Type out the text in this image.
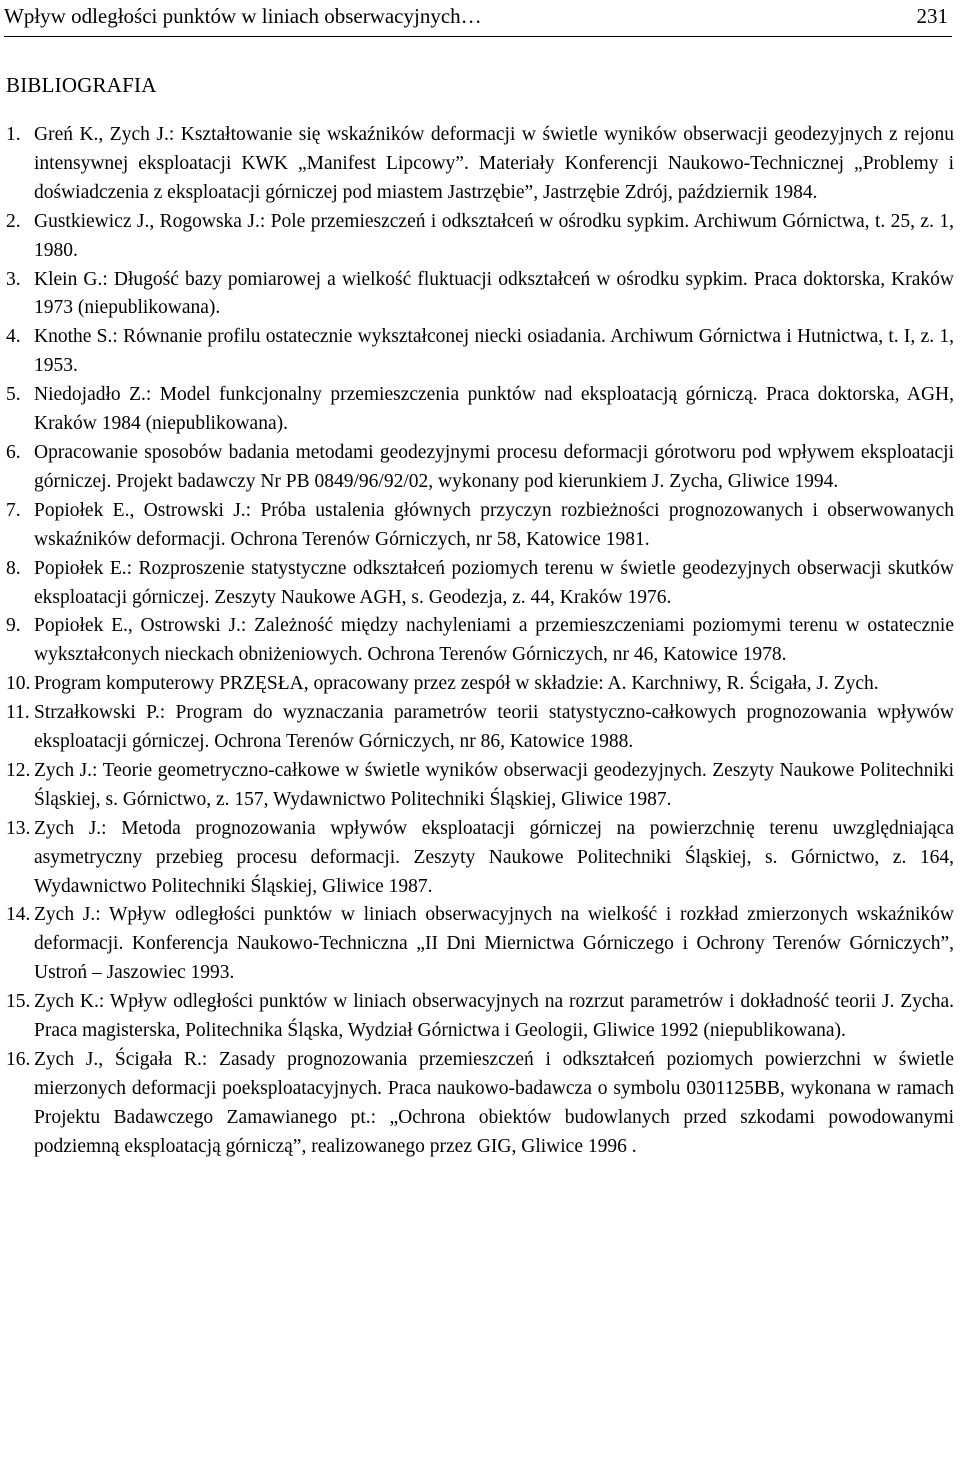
Wpływ odległości punktów w liniach obserwacyjnych…	231
BIBLIOGRAFIA
1. Greń K., Zych J.: Kształtowanie się wskaźników deformacji w świetle wyników obserwacji geodezyjnych z rejonu intensywnej eksploatacji KWK „Manifest Lipcowy”. Materiały Konferencji Naukowo-Technicznej „Problemy i doświadczenia z eksploatacji górniczej pod miastem Jastrzębie”, Jastrzębie Zdrój, październik 1984.
2. Gustkiewicz J., Rogowska J.: Pole przemieszczeń i odkształceń w ośrodku sypkim. Archiwum Górnictwa, t. 25, z. 1, 1980.
3. Klein G.: Długość bazy pomiarowej a wielkość fluktuacji odkształceń w ośrodku sypkim. Praca doktorska, Kraków 1973 (niepublikowana).
4. Knothe S.: Równanie profilu ostatecznie wykształconej niecki osiadania. Archiwum Górnictwa i Hutnictwa, t. I, z. 1, 1953.
5. Niedojadło Z.: Model funkcjonalny przemieszczenia punktów nad eksploatacją górniczą. Praca doktorska, AGH, Kraków 1984 (niepublikowana).
6. Opracowanie sposobów badania metodami geodezyjnymi procesu deformacji górotworu pod wpływem eksploatacji górniczej. Projekt badawczy Nr PB 0849/96/92/02, wykonany pod kierunkiem J. Zycha, Gliwice 1994.
7. Popiołek E., Ostrowski J.: Próba ustalenia głównych przyczyn rozbieżności prognozowanych i obserwowanych wskaźników deformacji. Ochrona Terenów Górniczych, nr 58, Katowice 1981.
8. Popiołek E.: Rozproszenie statystyczne odkształceń poziomych terenu w świetle geodezyjnych obserwacji skutków eksploatacji górniczej. Zeszyty Naukowe AGH, s. Geodezja, z. 44, Kraków 1976.
9. Popiołek E., Ostrowski J.: Zależność między nachyleniami a przemieszczeniami poziomymi terenu w ostatecznie wykształconych nieckach obniżeniowych. Ochrona Terenów Górniczych, nr 46, Katowice 1978.
10. Program komputerowy PRZĘSŁA, opracowany przez zespół w składzie: A. Karchniwy, R. Ścigała, J. Zych.
11. Strzałkowski P.: Program do wyznaczania parametrów teorii statystyczno-całkowych prognozowania wpływów eksploatacji górniczej. Ochrona Terenów Górniczych, nr 86, Katowice 1988.
12. Zych J.: Teorie geometryczno-całkowe w świetle wyników obserwacji geodezyjnych. Zeszyty Naukowe Politechniki Śląskiej, s. Górnictwo, z. 157, Wydawnictwo Politechniki Śląskiej, Gliwice 1987.
13. Zych J.: Metoda prognozowania wpływów eksploatacji górniczej na powierzchnię terenu uwzględniająca asymetryczny przebieg procesu deformacji. Zeszyty Naukowe Politechniki Śląskiej, s. Górnictwo, z. 164, Wydawnictwo Politechniki Śląskiej, Gliwice 1987.
14. Zych J.: Wpływ odległości punktów w liniach obserwacyjnych na wielkość i rozkład zmierzonych wskaźników deformacji. Konferencja Naukowo-Techniczna „II Dni Miernictwa Górniczego i Ochrony Terenów Górniczych”, Ustroń – Jaszowiec 1993.
15. Zych K.: Wpływ odległości punktów w liniach obserwacyjnych na rozrzut parametrów i dokładność teorii J. Zycha. Praca magisterska, Politechnika Śląska, Wydział Górnictwa i Geologii, Gliwice 1992 (niepublikowana).
16. Zych J., Ścigała R.: Zasady prognozowania przemieszczeń i odkształceń poziomych powierzchni w świetle mierzonych deformacji poeksploatacyjnych. Praca naukowo-badawcza o symbolu 0301125BB, wykonana w ramach Projektu Badawczego Zamawianego pt.: „Ochrona obiektów budowlanych przed szkodami powodowanymi podziemną eksploatacją górniczą”, realizowanego przez GIG, Gliwice 1996 .
